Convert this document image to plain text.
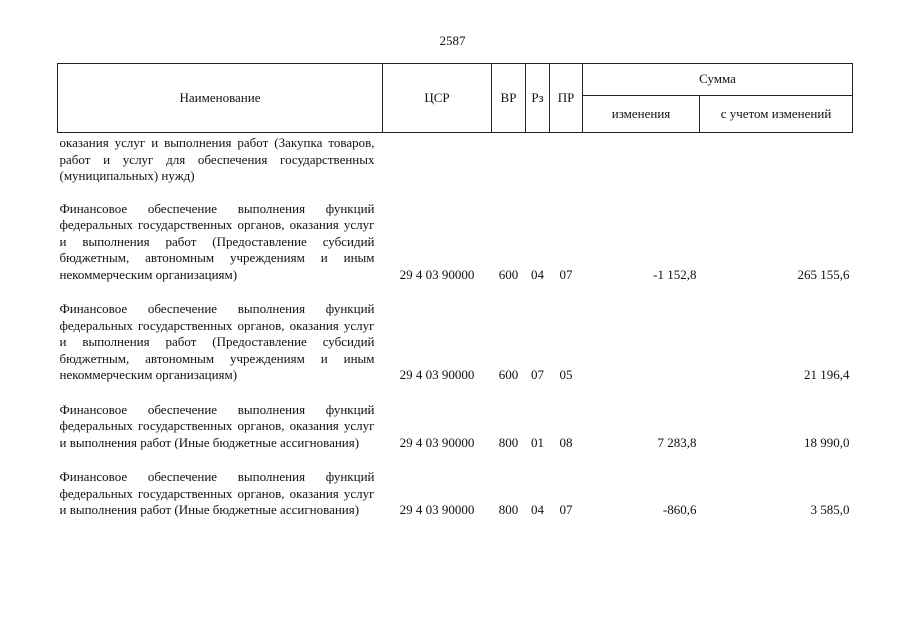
2587
Наименование	ЦСР	ВР	Рз	ПР	Сумма	
					изменения	с учетом изменений
оказания услуг и выполнения работ (Закупка товаров, работ и услуг для обеспечения государственных (муниципальных) нужд)						
Финансовое обеспечение выполнения функций федеральных государственных органов, оказания услуг и выполнения работ (Предоставление субсидий бюджетным, автономным учреждениям и иным некоммерческим организациям)	29 4 03 90000	600	04	07	-1 152,8	265 155,6
Финансовое обеспечение выполнения функций федеральных государственных органов, оказания услуг и выполнения работ (Предоставление субсидий бюджетным, автономным учреждениям и иным некоммерческим организациям)	29 4 03 90000	600	07	05		21 196,4
Финансовое обеспечение выполнения функций федеральных государственных органов, оказания услуг и выполнения работ (Иные бюджетные ассигнования)	29 4 03 90000	800	01	08	7 283,8	18 990,0
Финансовое обеспечение выполнения функций федеральных государственных органов, оказания услуг и выполнения работ (Иные бюджетные ассигнования)	29 4 03 90000	800	04	07	-860,6	3 585,0
